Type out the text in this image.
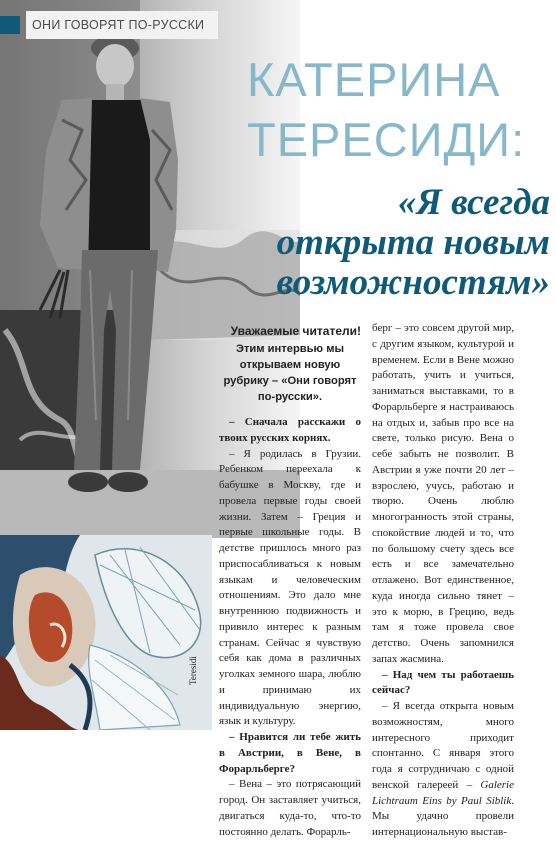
ОНИ ГОВОРЯТ ПО-РУССКИ
Teresidi
КАТЕРИНА
ТЕРЕСИДИ:
«Я всегда
открыта новым
возможностям»
Уважаемые читатели!
Этим интервью мы открываем новую рубрику – «Они говорят по-русски».

– Сначала расскажи о твоих русских корнях.

– Я родилась в Грузии. Ребенком переехала к бабушке в Москву, где и провела первые годы своей жизни. Затем – Греция и первые школьные годы. В детстве пришлось много раз приспосабливаться к новым языкам и человеческим отношениям. Это дало мне внутреннюю подвижность и привило интерес к разным странам. Сейчас я чувствую себя как дома в различных уголках земного шара, люблю и принимаю их индивидуальную энергию, язык и культуру.

– Нравится ли тебе жить в Австрии, в Вене, в Форарльберге?

– Вена – это потрясающий город. Он заставляет учиться, двигаться куда-то, что-то постоянно делать. Форарль-

берг – это совсем другой мир, с другим языком, культурой и временем. Если в Вене можно работать, учить и учиться, заниматься выставками, то в Форарльберге я настраиваюсь на отдых и, забыв про все на свете, только рисую. Вена о себе забыть не позволит. В Австрии я уже почти 20 лет – взрослею, учусь, работаю и творю. Очень люблю многогранность этой страны, спокойствие людей и то, что по большому счету здесь все есть и все замечательно отлажено. Вот единственное, куда иногда сильно тянет – это к морю, в Грецию, ведь там я тоже провела свое детство. Очень запомнился запах жасмина.

– Над чем ты работаешь сейчас?

– Я всегда открыта новым возможностям, много интересного приходит спонтанно. С января этого года я сотрудничаю с одной венской галереей – Galerie Lichtraum Eins by Paul Siblik. Мы удачно провели интернациональную выстав-
